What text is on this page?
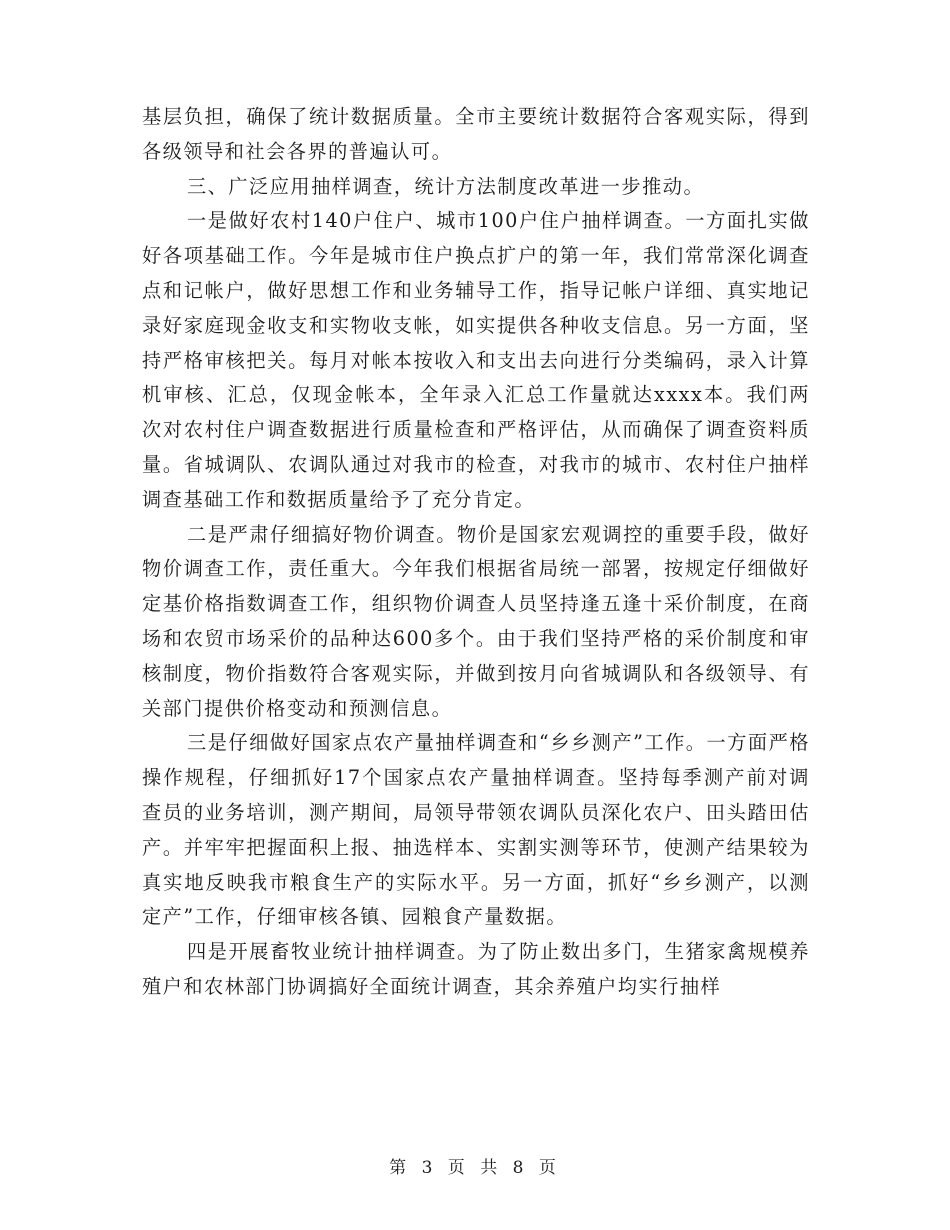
基层负担，确保了统计数据质量。全市主要统计数据符合客观实际，得到各级领导和社会各界的普遍认可。

三、广泛应用抽样调查，统计方法制度改革进一步推动。

一是做好农村140户住户、城市100户住户抽样调查。一方面扎实做好各项基础工作。今年是城市住户换点扩户的第一年，我们常常深化调查点和记帐户，做好思想工作和业务辅导工作，指导记帐户详细、真实地记录好家庭现金收支和实物收支帐，如实提供各种收支信息。另一方面，坚持严格审核把关。每月对帐本按收入和支出去向进行分类编码，录入计算机审核、汇总，仅现金帐本，全年录入汇总工作量就达xxxx本。我们两次对农村住户调查数据进行质量检查和严格评估，从而确保了调查资料质量。省城调队、农调队通过对我市的检查，对我市的城市、农村住户抽样调查基础工作和数据质量给予了充分肯定。

二是严肃仔细搞好物价调查。物价是国家宏观调控的重要手段，做好物价调查工作，责任重大。今年我们根据省局统一部署，按规定仔细做好定基价格指数调查工作，组织物价调查人员坚持逢五逢十采价制度，在商场和农贸市场采价的品种达600多个。由于我们坚持严格的采价制度和审核制度，物价指数符合客观实际，并做到按月向省城调队和各级领导、有关部门提供价格变动和预测信息。

三是仔细做好国家点农产量抽样调查和“乡乡测产”工作。一方面严格操作规程，仔细抓好17个国家点农产量抽样调查。坚持每季测产前对调查员的业务培训，测产期间，局领导带领农调队员深化农户、田头踏田估产。并牢牢把握面积上报、抽选样本、实割实测等环节，使测产结果较为真实地反映我市粮食生产的实际水平。另一方面，抓好“乡乡测产，以测定产”工作，仔细审核各镇、园粮食产量数据。

四是开展畜牧业统计抽样调查。为了防止数出多门，生猪家禽规模养殖户和农林部门协调搞好全面统计调查，其余养殖户均实行抽样

第 3 页 共 8 页
